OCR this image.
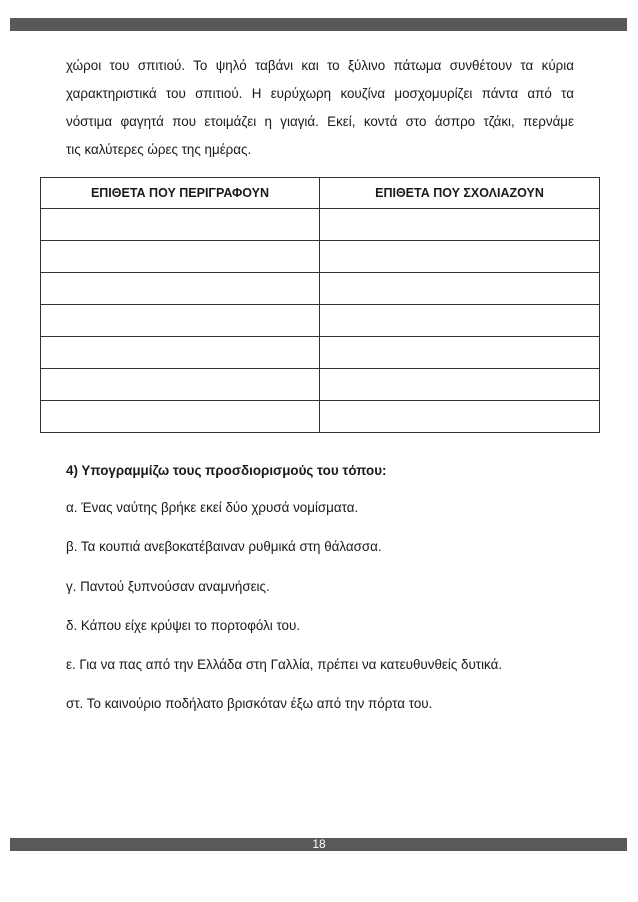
χώροι του σπιτιού. Το ψηλό ταβάνι και το ξύλινο πάτωμα συνθέτουν τα κύρια
χαρακτηριστικά του σπιτιού. Η ευρύχωρη κουζίνα μοσχομυρίζει πάντα από τα
νόστιμα φαγητά που ετοιμάζει η γιαγιά. Εκεί, κοντά στο άσπρο τζάκι, περνάμε
τις καλύτερες ώρες της ημέρας.
ΕΠΙΘΕΤΑ ΠΟΥ ΠΕΡΙΓΡΑΦΟΥΝ	ΕΠΙΘΕΤΑ ΠΟΥ ΣΧΟΛΙΑΖΟΥΝ

4) Υπογραμμίζω τους προσδιορισμούς του τόπου:

α. Ένας ναύτης βρήκε εκεί δύο χρυσά νομίσματα.

β. Τα κουπιά ανεβοκατέβαιναν ρυθμικά στη θάλασσα.

γ. Παντού ξυπνούσαν αναμνήσεις.

δ. Κάπου είχε κρύψει το πορτοφόλι του.

ε. Για να πας από την Ελλάδα στη Γαλλία, πρέπει να κατευθυνθείς δυτικά.

στ. Το καινούριο ποδήλατο βρισκόταν έξω από την πόρτα του.

18
